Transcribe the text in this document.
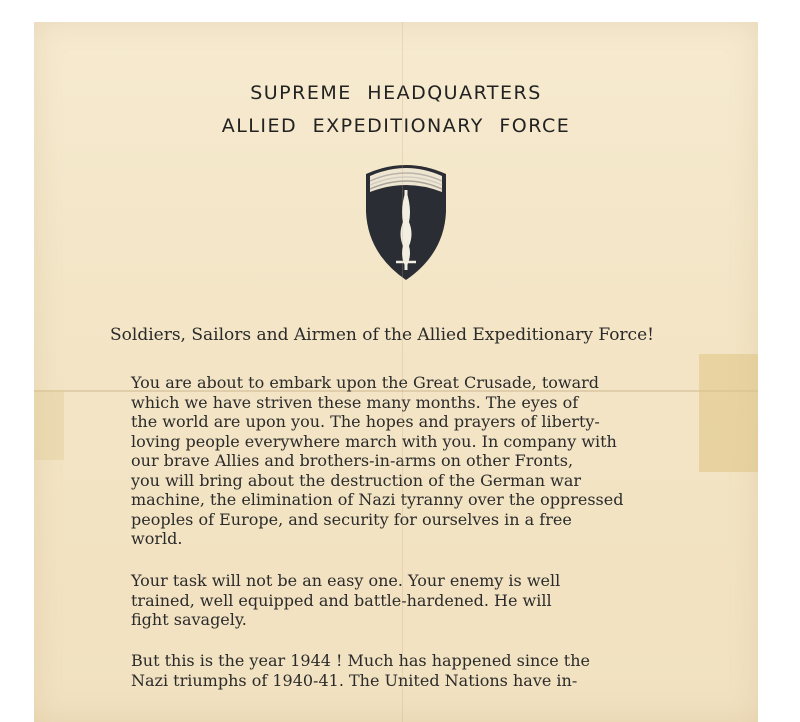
SUPREME HEADQUARTERS
ALLIED EXPEDITIONARY FORCE
Soldiers, Sailors and Airmen of the Allied Expeditionary Force!
You are about to embark upon the Great Crusade, toward
which we have striven these many months. The eyes of
the world are upon you. The hopes and prayers of liberty-
loving people everywhere march with you. In company with
our brave Allies and brothers-in-arms on other Fronts,
you will bring about the destruction of the German war
machine, the elimination of Nazi tyranny over the oppressed
peoples of Europe, and security for ourselves in a free
world.
Your task will not be an easy one. Your enemy is well
trained, well equipped and battle-hardened. He will
fight savagely.
But this is the year 1944 ! Much has happened since the
Nazi triumphs of 1940-41. The United Nations have in-
